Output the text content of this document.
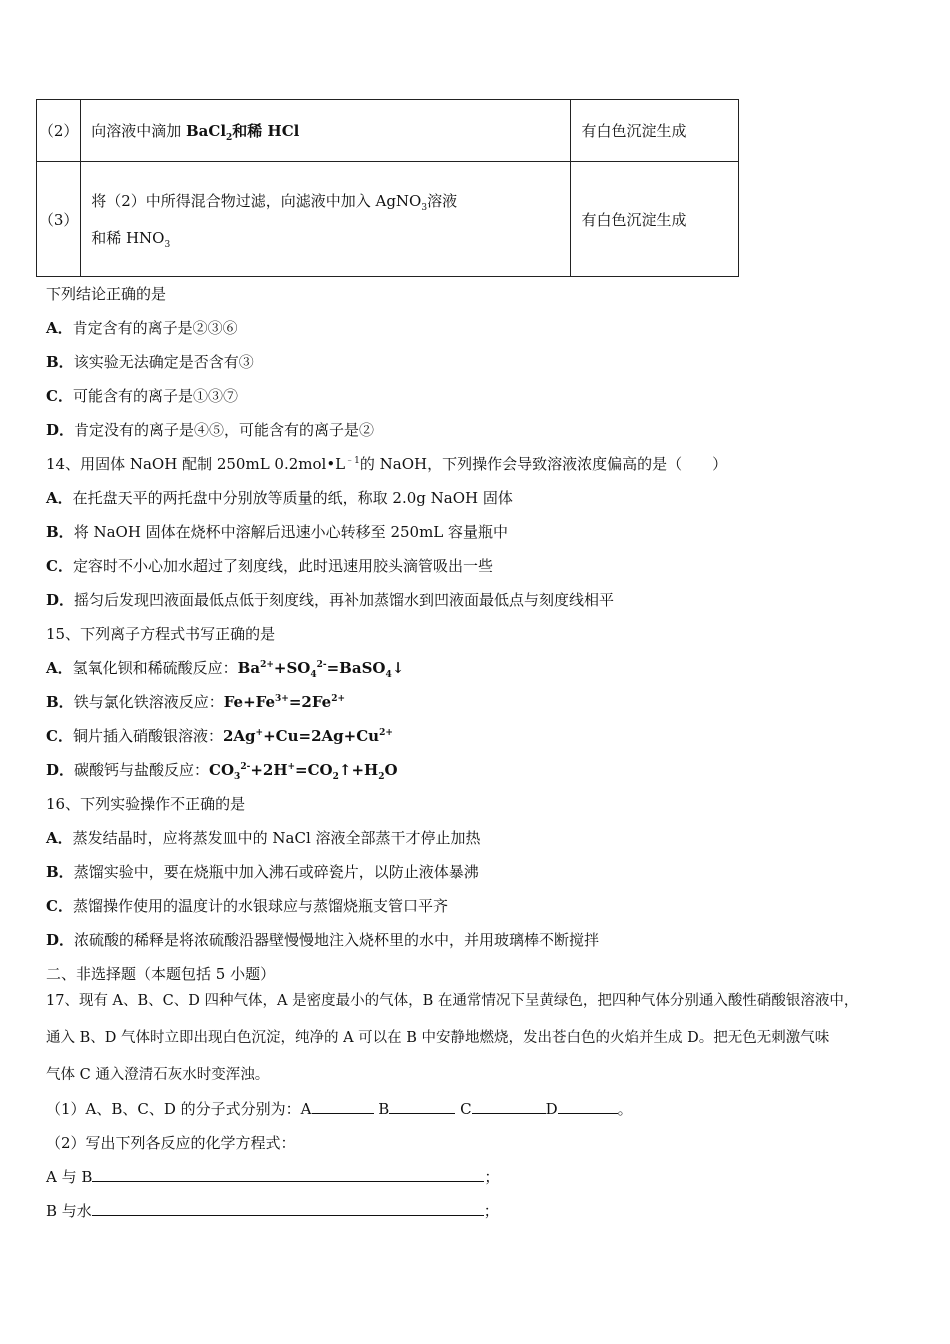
（2）	向溶液中滴加 BaCl$_2$和稀 HCl	有白色沉淀生成
（3）	将（2）中所得混合物过滤，向滤液中加入 AgNO$_3$溶液
和稀 $HNO_3$	有白色沉淀生成
下列结论正确的是
A．肯定含有的离子是②③⑥
B．该实验无法确定是否含有③
C．可能含有的离子是①③⑦
D．肯定没有的离子是④⑤，可能含有的离子是②
14、用固体 NaOH 配制 250mL $0.2mol•L^{﹣1}$的 NaOH，下列操作会导致溶液浓度偏高的是（　　）
A．在托盘天平的两托盘中分别放等质量的纸，称取 2.0g NaOH 固体
B．将 NaOH 固体在烧杯中溶解后迅速小心转移至 250mL 容量瓶中
C．定容时不小心加水超过了刻度线，此时迅速用胶头滴管吸出一些
D．摇匀后发现凹液面最低点低于刻度线，再补加蒸馏水到凹液面最低点与刻度线相平
15、下列离子方程式书写正确的是
A．氢氧化钡和稀硫酸反应：$Ba^{2+}+SO_4^{2-}=BaSO_4↓$
B．铁与氯化铁溶液反应：$Fe+Fe^{3+}=2Fe^{2+}$
C．铜片插入硝酸银溶液：$2Ag^++Cu=2Ag+Cu^{2+}$
D．碳酸钙与盐酸反应：$CO_3^{2-}+2H^+=CO_2↑+H_2O$
16、下列实验操作不正确的是
A．蒸发结晶时，应将蒸发皿中的 NaCl 溶液全部蒸干才停止加热
B．蒸馏实验中，要在烧瓶中加入沸石或碎瓷片，以防止液体暴沸
C．蒸馏操作使用的温度计的水银球应与蒸馏烧瓶支管口平齐
D．浓硫酸的稀释是将浓硫酸沿器壁慢慢地注入烧杯里的水中，并用玻璃棒不断搅拌
二、非选择题（本题包括 5 小题）
17、现有 A、B、C、D 四种气体，A 是密度最小的气体，B 在通常情况下呈黄绿色，把四种气体分别通入酸性硝酸银溶液中，
通入 B、D 气体时立即出现白色沉淀，纯净的 A 可以在 B 中安静地燃烧，发出苍白色的火焰并生成 D。把无色无刺激气味
气体 C 通入澄清石灰水时变浑浊。
（1）A、B、C、D 的分子式分别为：A	B	C	D	。
（2）写出下列各反应的化学方程式：
A 与 B	；
B 与水	；
